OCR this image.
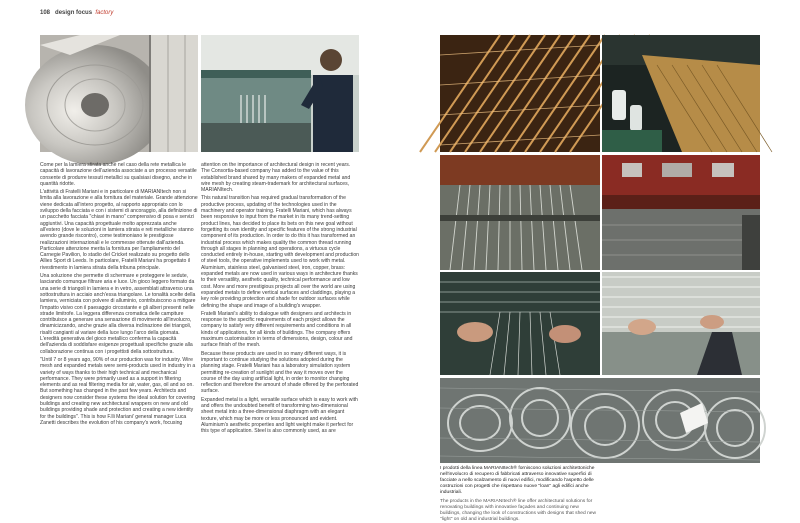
108 design focus factory

Come per la lamiera stirata anche nel caso della rete metallica le capacità di lavorazione dell'azienda associate a un processo versatile consente di produrre tessuti metallici su qualsiasi disegno, anche in quantità ridotte.

L'attività di Fratelli Mariani e in particolare di MARIANItech non si limita alla lavorazione e alla fornitura del materiale. Grande attenzione viene dedicata all'intero progetto, al rapporto appropriato con lo sviluppo della facciata e con i sistemi di ancoraggio, alla definizione di un pacchetto facciata "chiavi in mano" comprensivo di posa e servizi aggiuntivi. Una capacità progettuale molto apprezzata anche all'estero (dove le soluzioni in lamiera stirata e reti metalliche stanno avendo grande riscontro), come testimoniano le prestigiose realizzazioni internazionali e le commesse ottenute dall'azienda. Particolare attenzione merita la fornitura per l'ampliamento del Carnegie Pavilion, lo stadio del Cricket realizzato su progetto dello Allies Sport di Leeds. In particolare, Fratelli Mariani ha progettato il rivestimento in lamiera stirata della tribuna principale.

Una soluzione che permette di schermare e proteggere le sedute, lasciando comunque filtrare aria e luce. Un gioco leggero formato da una serie di triangoli in lamiera e in vetro, assemblati attraverso una sottostruttura in acciaio anch'essa triangolare. Le tonalità scelte della lamiera, verniciata con polvere di alluminio, contribuiscono a mitigare l'impatto visivo con il paesaggio circostante e gli alberi presenti nelle strade limitrofe. La leggera differenza cromatica delle campiture contribuisce a generare una sensazione di movimento all'involucro, dinamicizzando, anche grazie alla diversa inclinazione dei triangoli, risalti cangianti al variare della luce lungo l'arco della giornata. L'eredità generativa del gioco metallico conferma la capacità dell'azienda di soddisfare esigenze progettuali specifiche grazie alla collaborazione continua con i progettisti della sottostruttura.

"Until 7 or 8 years ago, 90% of our production was for industry. Wire mesh and expanded metals were semi-products used in industry in a variety of ways thanks to their high technical and mechanical performance. They were primarily used as a support in filtering elements and as real filtering media for air, water, gas, oil and so on. But something has changed in the past few years. Architects and designers now consider these systems the ideal solution for covering buildings and creating new architectural wrappers on new and old buildings providing shade and protection and creating a new identity for the buildings". This is how F.lli Mariani' general manager Luca Zanetti describes the evolution of his company's work, focusing

attention on the importance of architectural design in recent years. The Consortia-based company has added to the value of this established brand shared by many makers of expanded metal and wire mesh by creating steam-trademark for architectural surfaces, MARIANItech.

This natural transition has required gradual transformation of the productive process, updating of the technologies used in the machinery and operator training. Fratelli Mariani, which has always been responsive to input from the market in its many trend-setting product lines, has decided to place its bets on this new goal without forgetting its own identity and specific features of the strong industrial component of its production. In order to do this it has transformed an industrial process which makes quality the common thread running through all stages in planning and operations, a virtuous cycle conducted entirely in-house, starting with development and production of steel tools, the operative implements used to work with metal. Aluminium, stainless steel, galvanised steel, iron, copper, brass: expanded metals are now used in various ways in architecture thanks to their versatility, aesthetic quality, technical performance and low cost. More and more prestigious projects all over the world are using expanded metals to define vertical surfaces and claddings, playing a key role providing protection and shade for outdoor surfaces while defining the shape and image of a building's wrapper.

Fratelli Mariani's ability to dialogue with designers and architects in response to the specific requirements of each project allows the company to satisfy very different requirements and conditions in all kinds of applications, for all kinds of buildings. The company offers maximum customisation in terms of dimensions, design, colour and surface finish of the mesh.

Because these products are used in so many different ways, it is important to continue studying the solutions adopted during the planning stage. Fratelli Mariani has a laboratory simulation system permitting re-creation of sunlight and the way it moves over the course of the day using artificial light, in order to monitor changing reflection and therefore the amount of shade offered by the perforated surface.

Expanded metal is a light, versatile surface which is easy to work with and offers the undoubted benefit of transforming two-dimensional sheet metal into a three-dimensional diaphragm with an elegant texture, which may be more or less pronounced and evident. Aluminium's aesthetic properties and light weight make it perfect for this type of application. Steel is also commonly used, as are

I prodotti della linea MARIANItech® forniscono soluzioni architettoniche nell'involucro di recupero di fabbricati attraverso innovative superfici di facciate a nello scalzamento di nuovi edifici, modificando l'aspetto delle costruzioni con progetti che rispettano nuove "loan" agli edifici anche industriali.

The products in the MARIANItech® line offer architectural solutions for renovating buildings with innovative façades and continuing new buildings, changing the look of constructions with designs that shed new "light" on old and industrial buildings.
